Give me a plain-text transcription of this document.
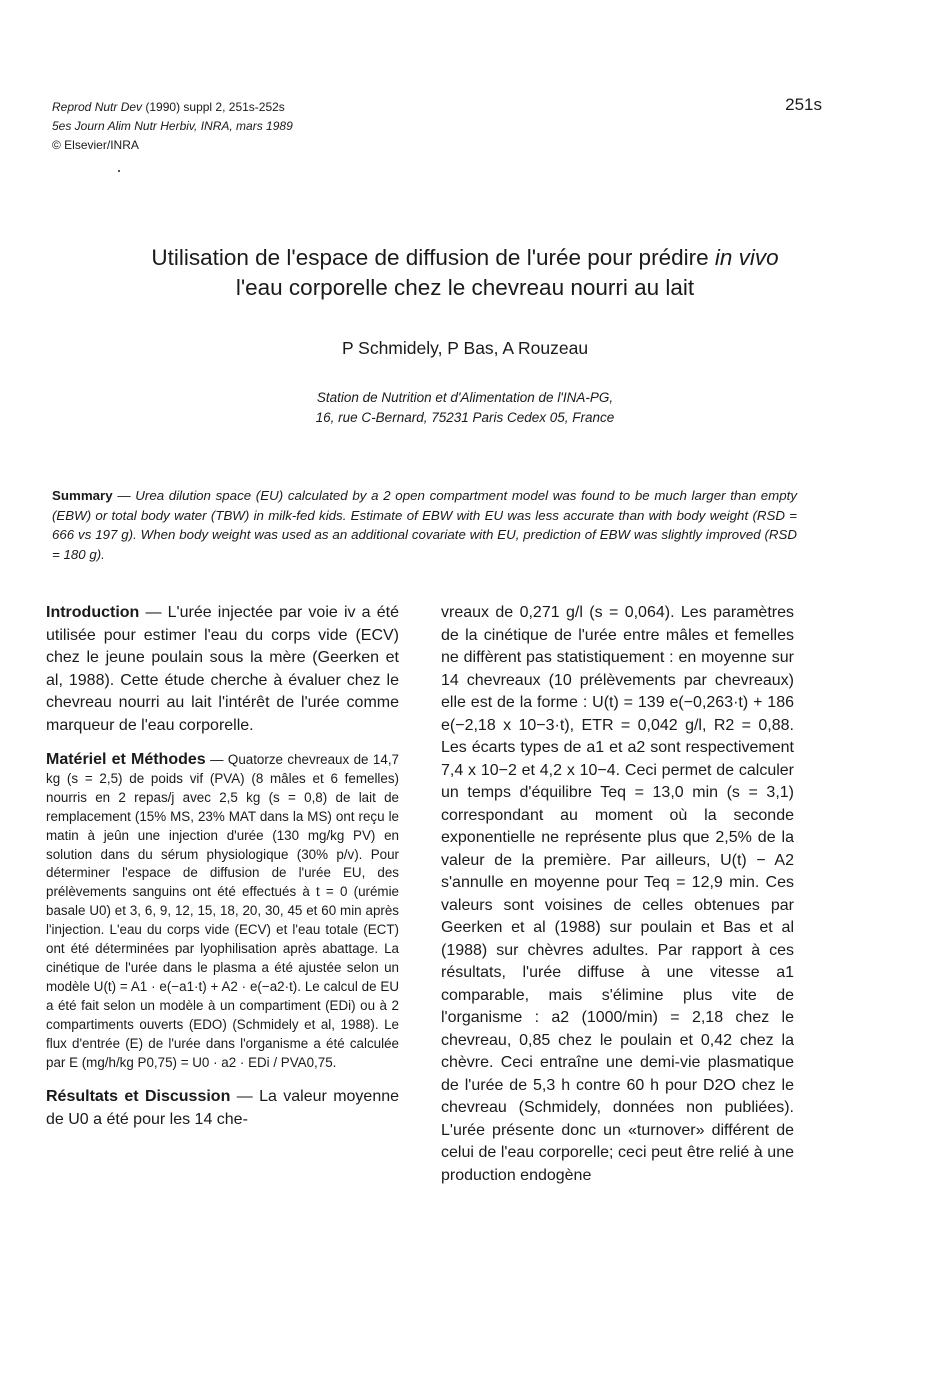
Reprod Nutr Dev (1990) suppl 2, 251s-252s
5es Journ Alim Nutr Herbiv, INRA, mars 1989
© Elsevier/INRA
251s
Utilisation de l'espace de diffusion de l'urée pour prédire in vivo
l'eau corporelle chez le chevreau nourri au lait
P Schmidely, P Bas, A Rouzeau
Station de Nutrition et d'Alimentation de l'INA-PG,
16, rue C-Bernard, 75231 Paris Cedex 05, France
Summary — Urea dilution space (EU) calculated by a 2 open compartment model was found to be much larger than empty (EBW) or total body water (TBW) in milk-fed kids. Estimate of EBW with EU was less accurate than with body weight (RSD = 666 vs 197 g). When body weight was used as an additional covariate with EU, prediction of EBW was slightly improved (RSD = 180 g).

Introduction — L'urée injectée par voie iv a été utilisée pour estimer l'eau du corps vide (ECV) chez le jeune poulain sous la mère (Geerken et al, 1988). Cette étude cherche à évaluer chez le chevreau nourri au lait l'intérêt de l'urée comme marqueur de l'eau corporelle.

Matériel et Méthodes — Quatorze chevreaux de 14,7 kg (s = 2,5) de poids vif (PVA) (8 mâles et 6 femelles) nourris en 2 repas/j avec 2,5 kg (s = 0,8) de lait de remplacement (15% MS, 23% MAT dans la MS) ont reçu le matin à jeûn une injection d'urée (130 mg/kg PV) en solution dans du sérum physiologique (30% p/v). Pour déterminer l'espace de diffusion de l'urée EU, des prélèvements sanguins ont été effectués à t = 0 (urémie basale U0) et 3, 6, 9, 12, 15, 18, 20, 30, 45 et 60 min après l'injection. L'eau du corps vide (ECV) et l'eau totale (ECT) ont été déterminées par lyophilisation après abattage. La cinétique de l'urée dans le plasma a été ajustée selon un modèle U(t) = A1 · e(−a1·t) + A2 · e(−a2·t). Le calcul de EU a été fait selon un modèle à un compartiment (EDi) ou à 2 compartiments ouverts (EDO) (Schmidely et al, 1988). Le flux d'entrée (E) de l'urée dans l'organisme a été calculée par E (mg/h/kg P0,75) = U0 · a2 · EDi / PVA0,75.

Résultats et Discussion — La valeur moyenne de U0 a été pour les 14 che-

vreaux de 0,271 g/l (s = 0,064). Les paramètres de la cinétique de l'urée entre mâles et femelles ne diffèrent pas statistiquement : en moyenne sur 14 chevreaux (10 prélèvements par chevreaux) elle est de la forme : U(t) = 139 e(−0,263·t) + 186 e(−2,18 x 10−3·t), ETR = 0,042 g/l, R2 = 0,88. Les écarts types de a1 et a2 sont respectivement 7,4 x 10−2 et 4,2 x 10−4. Ceci permet de calculer un temps d'équilibre Teq = 13,0 min (s = 3,1) correspondant au moment où la seconde exponentielle ne représente plus que 2,5% de la valeur de la première. Par ailleurs, U(t) − A2 s'annulle en moyenne pour Teq = 12,9 min. Ces valeurs sont voisines de celles obtenues par Geerken et al (1988) sur poulain et Bas et al (1988) sur chèvres adultes. Par rapport à ces résultats, l'urée diffuse à une vitesse a1 comparable, mais s'élimine plus vite de l'organisme : a2 (1000/min) = 2,18 chez le chevreau, 0,85 chez le poulain et 0,42 chez la chèvre. Ceci entraîne une demi-vie plasmatique de l'urée de 5,3 h contre 60 h pour D2O chez le chevreau (Schmidely, données non publiées). L'urée présente donc un «turnover» différent de celui de l'eau corporelle; ceci peut être relié à une production endogène
